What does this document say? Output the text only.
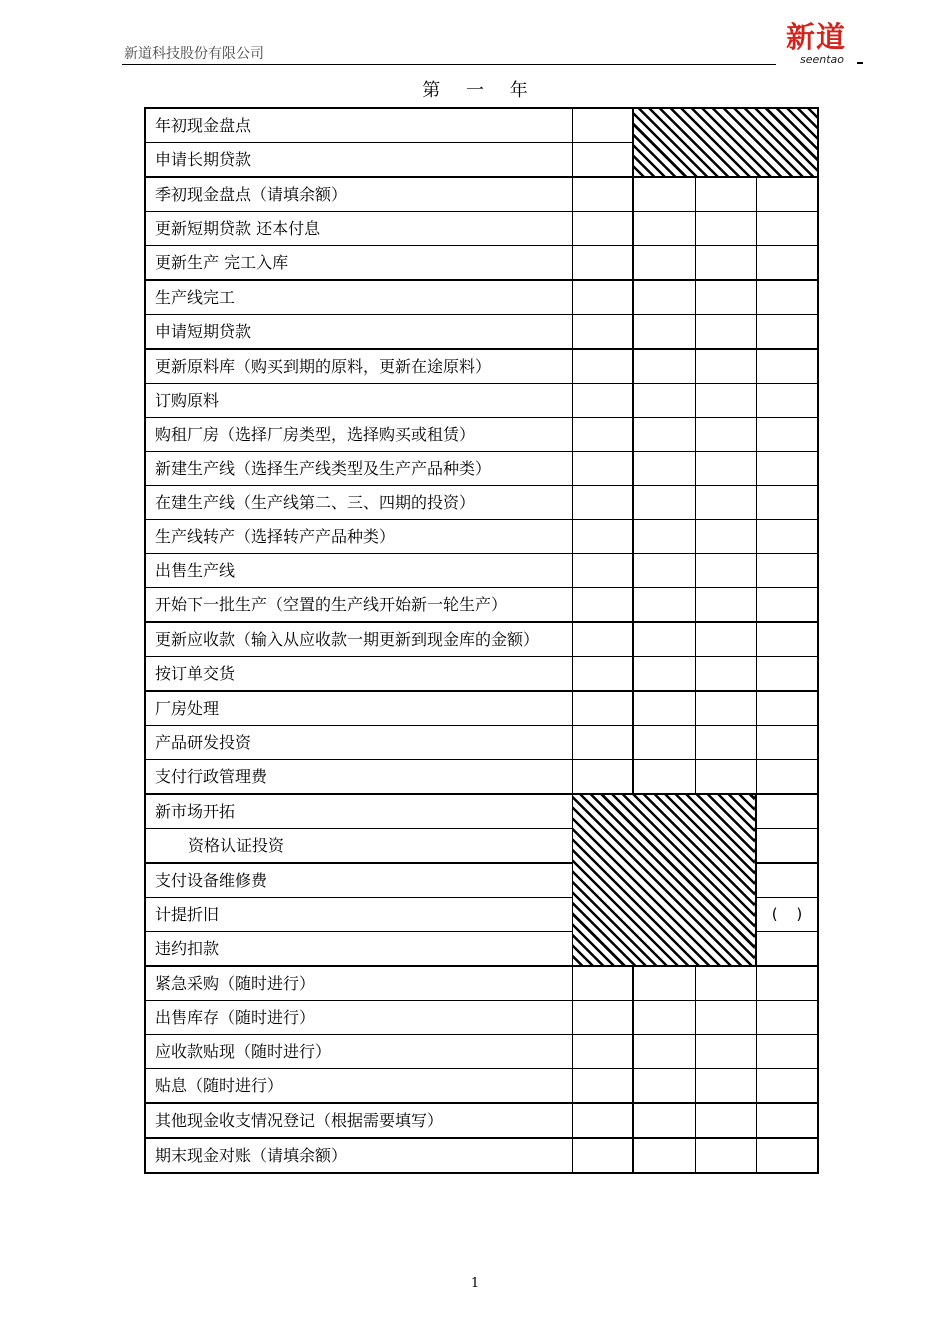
新道科技股份有限公司	新道
seentao
第 一 年
年初现金盘点				
申请长期贷款				
季初现金盘点（请填余额）				
更新短期贷款 还本付息				
更新生产 完工入库				
生产线完工				
申请短期贷款				
更新原料库（购买到期的原料，更新在途原料）				
订购原料				
购租厂房（选择厂房类型，选择购买或租赁）				
新建生产线（选择生产线类型及生产产品种类）				
在建生产线（生产线第二、三、四期的投资）				
生产线转产（选择转产产品种类）				
出售生产线				
开始下一批生产（空置的生产线开始新一轮生产）				
更新应收款（输入从应收款一期更新到现金库的金额）				
按订单交货				
厂房处理				
产品研发投资				
支付行政管理费				
新市场开拓				
资格认证投资				
支付设备维修费				
计提折旧				( )
违约扣款				
紧急采购（随时进行）				
出售库存（随时进行）				
应收款贴现（随时进行）				
贴息（随时进行）				
其他现金收支情况登记（根据需要填写）				
期末现金对账（请填余额）				
1
